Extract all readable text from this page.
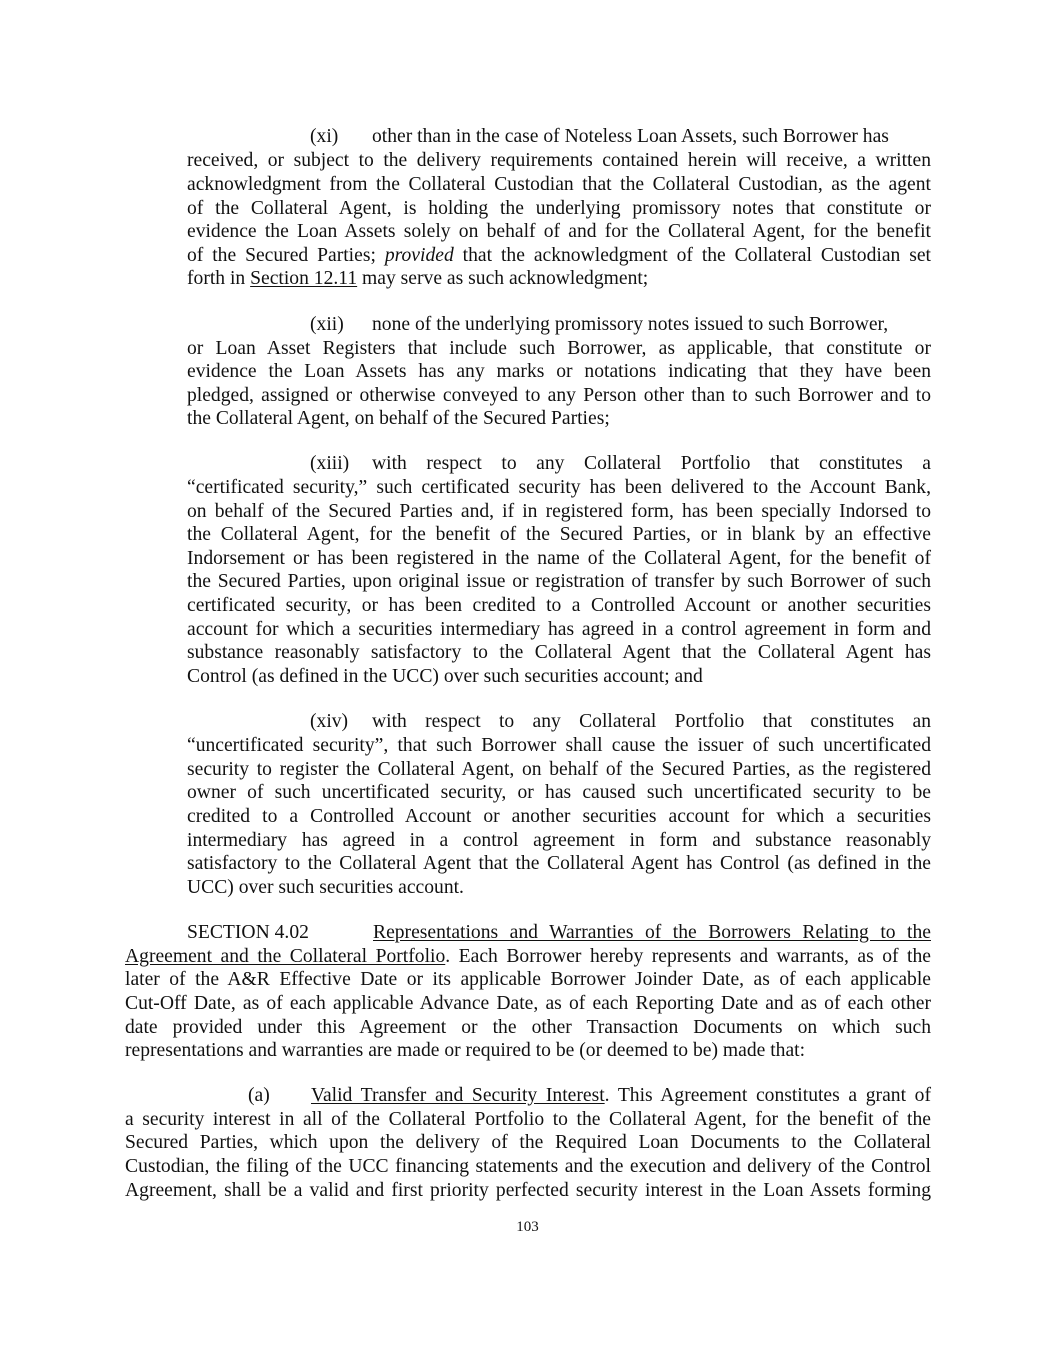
(xi) other than in the case of Noteless Loan Assets, such Borrower has
received, or subject to the delivery requirements contained herein will receive, a written
acknowledgment from the Collateral Custodian that the Collateral Custodian, as the agent
of the Collateral Agent, is holding the underlying promissory notes that constitute or
evidence the Loan Assets solely on behalf of and for the Collateral Agent, for the benefit
of the Secured Parties; provided that the acknowledgment of the Collateral Custodian set
forth in Section 12.11 may serve as such acknowledgment;
(xii) none of the underlying promissory notes issued to such Borrower,
or Loan Asset Registers that include such Borrower, as applicable, that constitute or
evidence the Loan Assets has any marks or notations indicating that they have been
pledged, assigned or otherwise conveyed to any Person other than to such Borrower and to
the Collateral Agent, on behalf of the Secured Parties;
(xiii) with respect to any Collateral Portfolio that constitutes a
“certificated security,” such certificated security has been delivered to the Account Bank,
on behalf of the Secured Parties and, if in registered form, has been specially Indorsed to
the Collateral Agent, for the benefit of the Secured Parties, or in blank by an effective
Indorsement or has been registered in the name of the Collateral Agent, for the benefit of
the Secured Parties, upon original issue or registration of transfer by such Borrower of such
certificated security, or has been credited to a Controlled Account or another securities
account for which a securities intermediary has agreed in a control agreement in form and
substance reasonably satisfactory to the Collateral Agent that the Collateral Agent has
Control (as defined in the UCC) over such securities account; and
(xiv) with respect to any Collateral Portfolio that constitutes an
“uncertificated security”, that such Borrower shall cause the issuer of such uncertificated
security to register the Collateral Agent, on behalf of the Secured Parties, as the registered
owner of such uncertificated security, or has caused such uncertificated security to be
credited to a Controlled Account or another securities account for which a securities
intermediary has agreed in a control agreement in form and substance reasonably
satisfactory to the Collateral Agent that the Collateral Agent has Control (as defined in the
UCC) over such securities account.
SECTION 4.02	Representations and Warranties of the Borrowers Relating to the
Agreement and the Collateral Portfolio. Each Borrower hereby represents and warrants, as of the
later of the A&R Effective Date or its applicable Borrower Joinder Date, as of each applicable
Cut-Off Date, as of each applicable Advance Date, as of each Reporting Date and as of each other
date provided under this Agreement or the other Transaction Documents on which such
representations and warranties are made or required to be (or deemed to be) made that:
(a)	Valid Transfer and Security Interest. This Agreement constitutes a grant of
a security interest in all of the Collateral Portfolio to the Collateral Agent, for the benefit of the
Secured Parties, which upon the delivery of the Required Loan Documents to the Collateral
Custodian, the filing of the UCC financing statements and the execution and delivery of the Control
Agreement, shall be a valid and first priority perfected security interest in the Loan Assets forming
103
